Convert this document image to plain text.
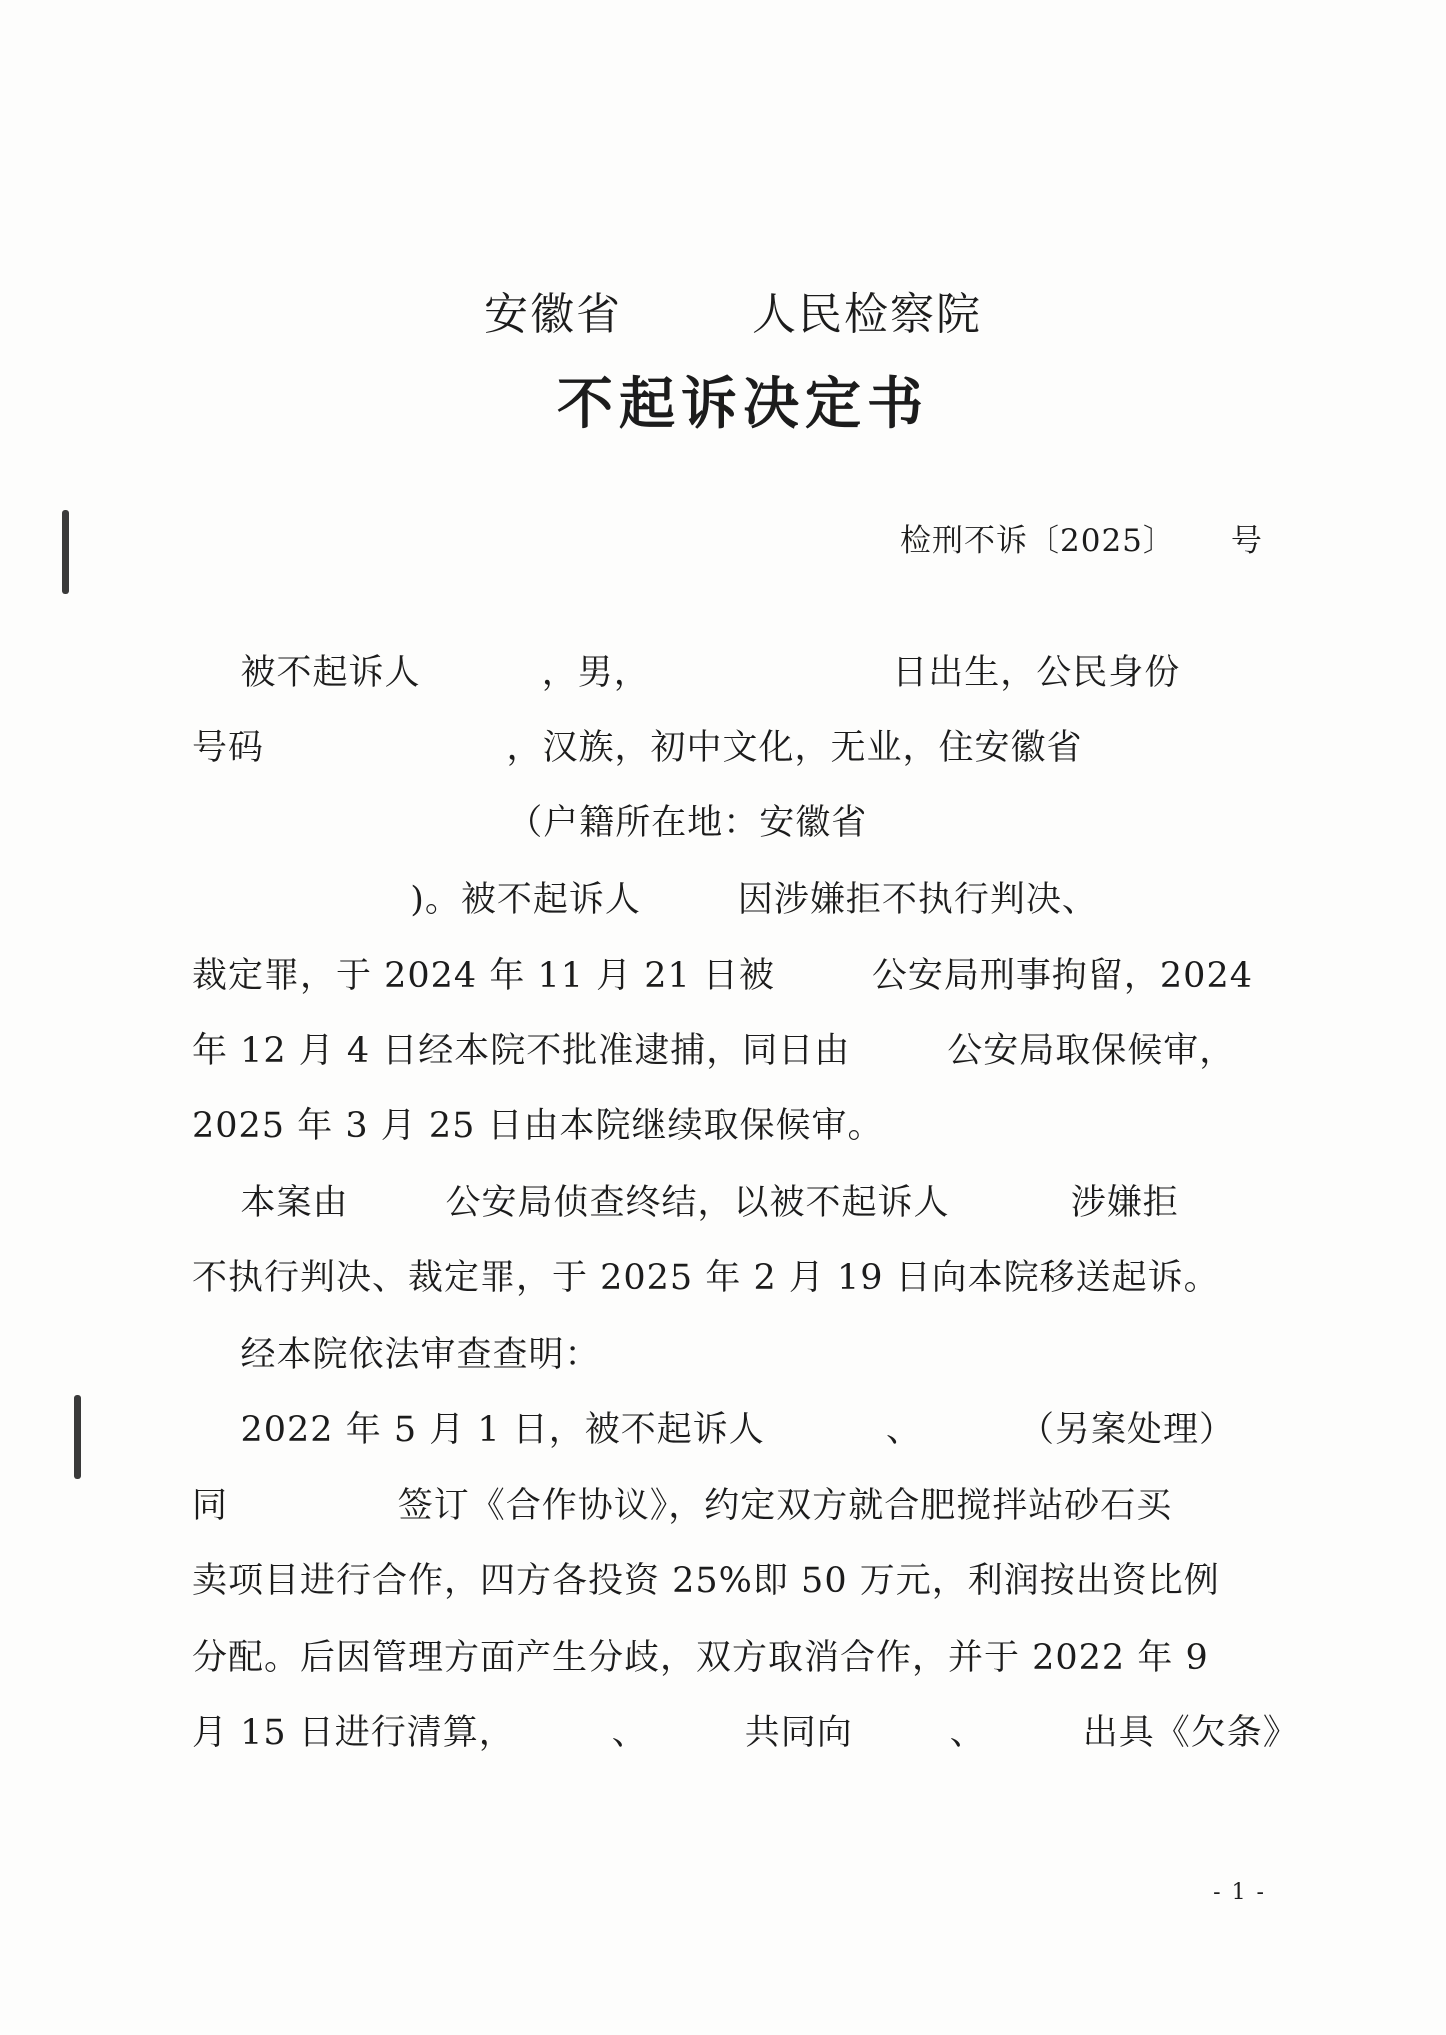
安徽省	人民检察院
不起诉决定书
检刑不诉〔2025〕 号
被不起诉人          ，男，                    日出生，公民身份
号码                    ，汉族，初中文化，无业，住安徽省
（户籍所在地：安徽省
)。被不起诉人        因涉嫌拒不执行判决、
裁定罪，于 2024 年 11 月 21 日被        公安局刑事拘留，2024
年 12 月 4 日经本院不批准逮捕，同日由        公安局取保候审，
2025 年 3 月 25 日由本院继续取保候审。
本案由        公安局侦查终结，以被不起诉人          涉嫌拒
不执行判决、裁定罪，于 2025 年 2 月 19 日向本院移送起诉。
经本院依法审查查明：
2022 年 5 月 1 日，被不起诉人          、        （另案处理）
同              签订《合作协议》，约定双方就合肥搅拌站砂石买
卖项目进行合作，四方各投资 25%即 50 万元，利润按出资比例
分配。后因管理方面产生分歧，双方取消合作，并于 2022 年 9
月 15 日进行清算，        、        共同向        、        出具《欠条》
- 1 -
